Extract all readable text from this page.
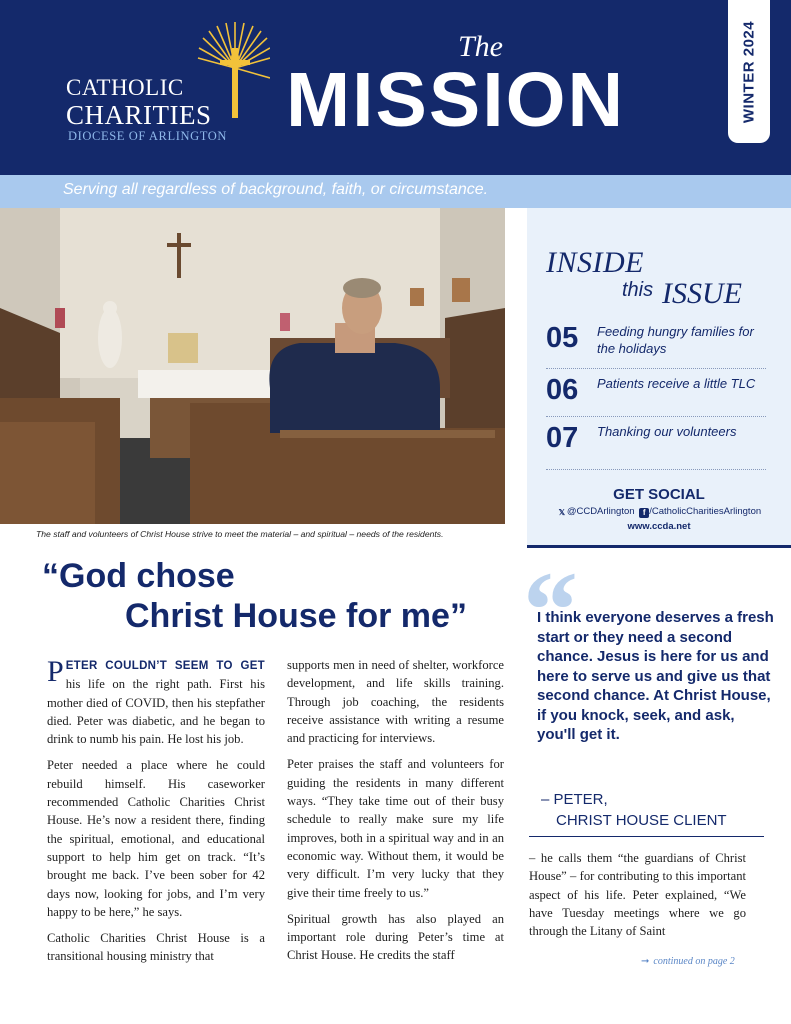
CATHOLIC
CHARITIES
DIOCESE OF ARLINGTON
The
MISSION	WINTER 2024
Serving all regardless of background, faith, or circumstance.
The staff and volunteers of Christ House strive to meet the material – and spiritual – needs of the residents.
INSIDE
this ISSUE
05 Feeding hungry families for the holidays
06 Patients receive a little TLC
07 Thanking our volunteers
GET SOCIAL
𝕏 @CCDArlington f /CatholicCharitiesArlington
www.ccda.net
“God chose
Christ House for me”

PETER COULDN’T SEEM TO GET his life on the right path. First his mother died of COVID, then his stepfather died. Peter was diabetic, and he began to drink to numb his pain. He lost his job.

Peter needed a place where he could rebuild himself. His caseworker recommended Catholic Charities Christ House. He’s now a resident there, finding the spiritual, emotional, and educational support to help him get on track. “It’s brought me back. I’ve been sober for 42 days now, looking for jobs, and I’m very happy to be here,” he says.

Catholic Charities Christ House is a transitional housing ministry that

supports men in need of shelter, workforce development, and life skills training. Through job coaching, the residents receive assistance with writing a resume and practicing for interviews.

Peter praises the staff and volunteers for guiding the residents in many different ways. “They take time out of their busy schedule to really make sure my life improves, both in a spiritual way and in an economic way. Without them, it would be very difficult. I’m very lucky that they give their time freely to us.”

Spiritual growth has also played an important role during Peter’s time at Christ House. He credits the staff

“
I think everyone deserves a fresh start or they need a second chance. Jesus is here for us and here to serve us and give us that second chance. At Christ House, if you knock, seek, and ask, you'll get it.
– PETER,
CHRIST HOUSE CLIENT

– he calls them “the guardians of Christ House” – for contributing to this important aspect of his life. Peter explained, “We have Tuesday meetings where we go through the Litany of Saint

➞ continued on page 2
